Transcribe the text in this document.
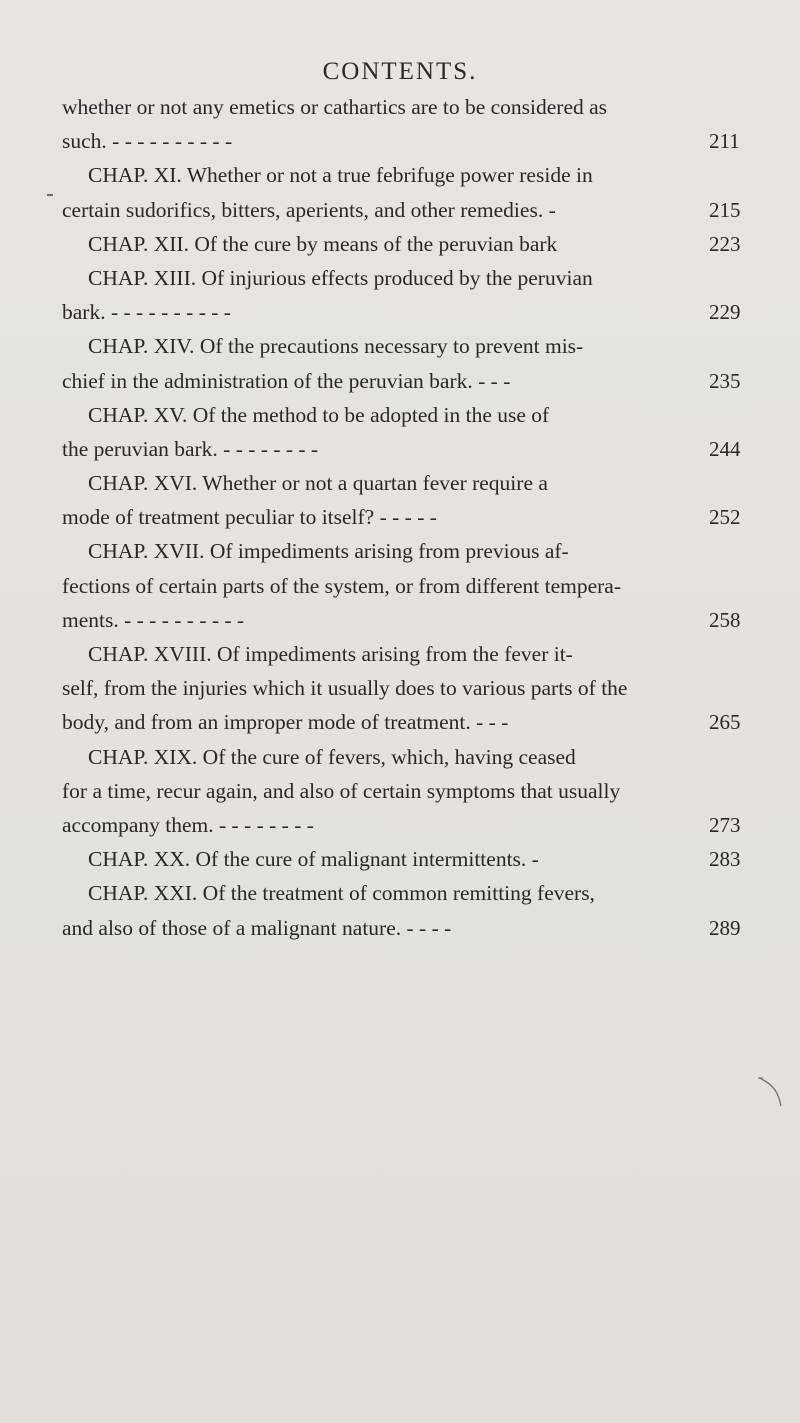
CONTENTS.
whether or not any emetics or cathartics are to be considered as
such. - - - - - - - - - -	211
CHAP. XI. Whether or not a true febrifuge power reside in
certain sudorifics, bitters, aperients, and other remedies. -	215
CHAP. XII. Of the cure by means of the peruvian bark	223
CHAP. XIII. Of injurious effects produced by the peruvian
bark. - - - - - - - - - -	229
CHAP. XIV. Of the precautions necessary to prevent mis-
chief in the administration of the peruvian bark. - - -	235
CHAP. XV. Of the method to be adopted in the use of
the peruvian bark. - - - - - - - -	244
CHAP. XVI. Whether or not a quartan fever require a
mode of treatment peculiar to itself? - - - - -	252
CHAP. XVII. Of impediments arising from previous af-
fections of certain parts of the system, or from different tempera-
ments. - - - - - - - - - -	258
CHAP. XVIII. Of impediments arising from the fever it-
self, from the injuries which it usually does to various parts of the
body, and from an improper mode of treatment. - - -	265
CHAP. XIX. Of the cure of fevers, which, having ceased
for a time, recur again, and also of certain symptoms that usually
accompany them. - - - - - - - -	273
CHAP. XX. Of the cure of malignant intermittents. -	283
CHAP. XXI. Of the treatment of common remitting fevers,
and also of those of a malignant nature. - - - -	289
